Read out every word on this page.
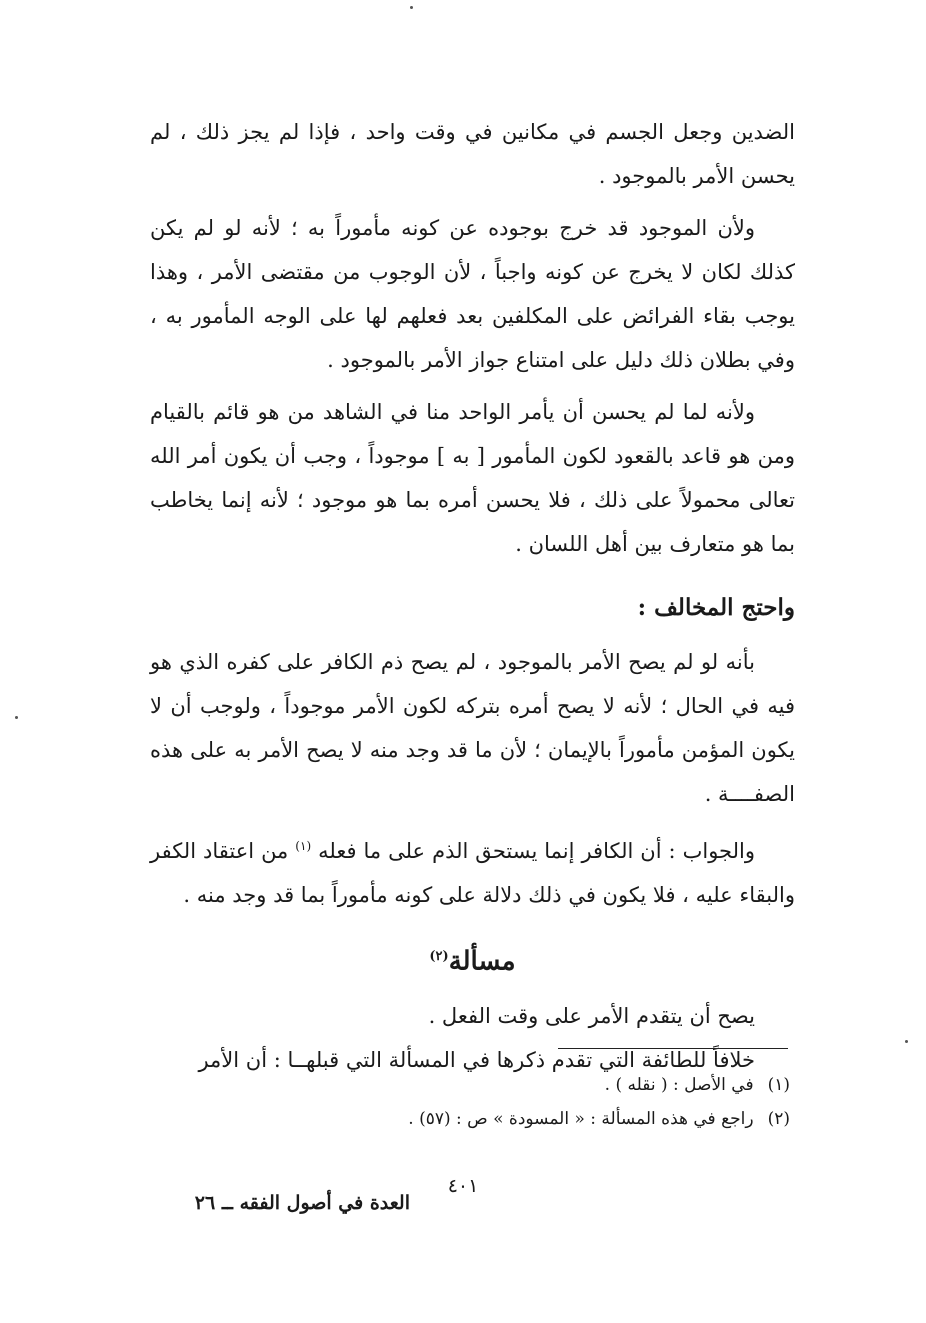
الضدين وجعل الجسم في مكانين في وقت واحد ، فإذا لم يجز ذلك ، لم يحسن الأمر بالموجود .

ولأن الموجود قد خرج بوجوده عن كونه مأموراً به ؛ لأنه لو لم يكن كذلك لكان لا يخرج عن كونه واجباً ، لأن الوجوب من مقتضى الأمر ، وهذا يوجب بقاء الفرائض على المكلفين بعد فعلهم لها على الوجه المأمور به ، وفي بطلان ذلك دليل على امتناع جواز الأمر بالموجود .

ولأنه لما لم يحسن أن يأمر الواحد منا في الشاهد من هو قائم بالقيام ومن هو قاعد بالقعود لكون المأمور [ به ] موجوداً ، وجب أن يكون أمر الله تعالى محمولاً على ذلك ، فلا يحسن أمره بما هو موجود ؛ لأنه إنما يخاطب بما هو متعارف بين أهل اللسان .

واحتج المخالف :

بأنه لو لم يصح الأمر بالموجود ، لم يصح ذم الكافر على كفره الذي هو فيه في الحال ؛ لأنه لا يصح أمره بتركه لكون الأمر موجوداً ، ولوجب أن لا يكون المؤمن مأموراً بالإيمان ؛ لأن ما قد وجد منه لا يصح الأمر به على هذه الصفــــة .

والجواب : أن الكافر إنما يستحق الذم على ما فعله $^{(١)}$ من اعتقاد الكفر والبقاء عليه ، فلا يكون في ذلك دلالة على كونه مأموراً بما قد وجد منه .

مسألة$^{(٢)}$

يصح أن يتقدم الأمر على وقت الفعل .

خلافاً للطائفة التي تقدم ذكرها في المسألة التي قبلهــا : أن الأمر

(١)في الأصل : ( نقله ) .

(٢)راجع في هذه المسألة : « المسودة » ص : (٥٧) .

٤٠١
العدة في أصول الفقه ــ ٢٦
